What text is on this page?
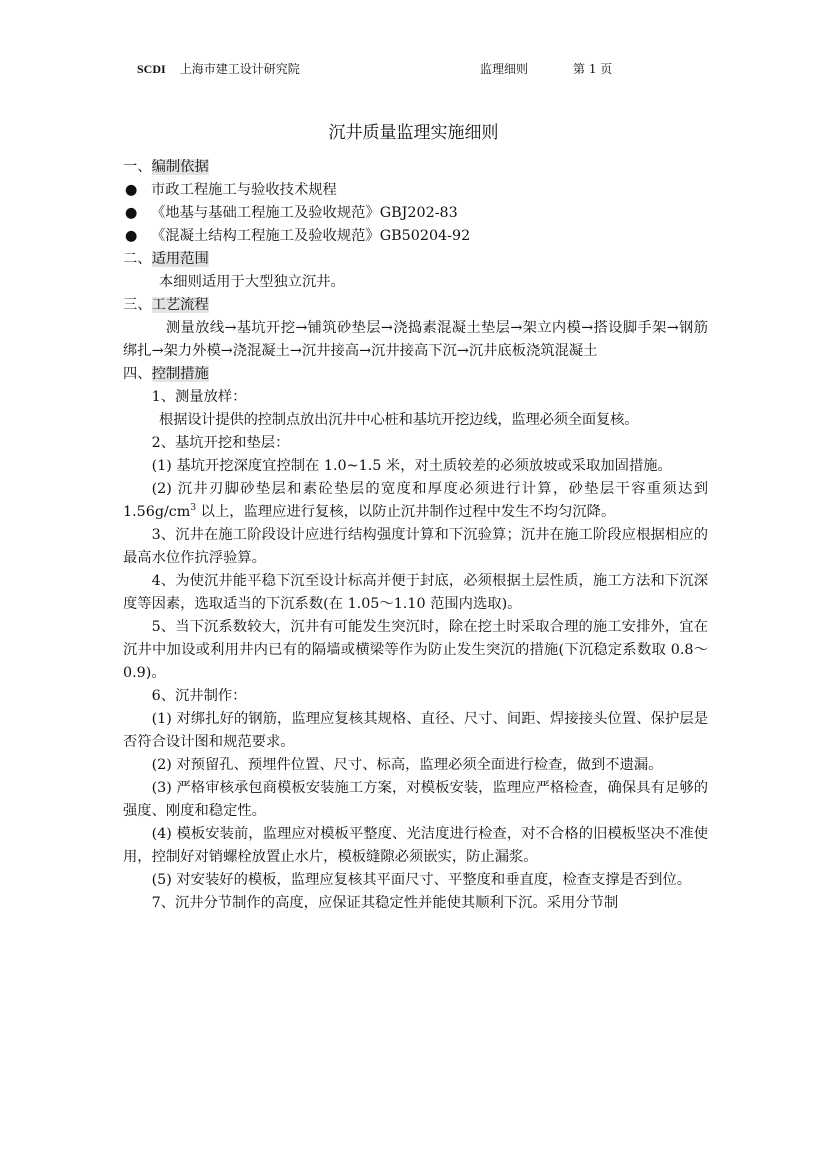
SCDI 上海市建工设计研究院	监理细则	第 1 页
沉井质量监理实施细则
一、编制依据
● 市政工程施工与验收技术规程
● 《地基与基础工程施工及验收规范》GBJ202-83
● 《混凝土结构工程施工及验收规范》GB50204-92
二、适用范围
本细则适用于大型独立沉井。
三、工艺流程
测量放线→基坑开挖→铺筑砂垫层→浇捣素混凝土垫层→架立内模→搭设脚手架→钢筋绑扎→架力外模→浇混凝土→沉井接高→沉井接高下沉→沉井底板浇筑混凝土
四、控制措施
1、测量放样：
根据设计提供的控制点放出沉井中心桩和基坑开挖边线，监理必须全面复核。
2、基坑开挖和垫层：
(1) 基坑开挖深度宜控制在 1.0~1.5 米，对土质较差的必须放坡或采取加固措施。
(2) 沉井刃脚砂垫层和素砼垫层的宽度和厚度必须进行计算，砂垫层干容重须达到 $1.56g/cm^3$ 以上，监理应进行复核，以防止沉井制作过程中发生不均匀沉降。
3、沉井在施工阶段设计应进行结构强度计算和下沉验算；沉井在施工阶段应根据相应的最高水位作抗浮验算。
4、为使沉井能平稳下沉至设计标高并便于封底，必须根据土层性质，施工方法和下沉深度等因素，选取适当的下沉系数(在 1.05～1.10 范围内选取)。
5、当下沉系数较大，沉井有可能发生突沉时，除在挖土时采取合理的施工安排外，宜在沉井中加设或利用井内已有的隔墙或横梁等作为防止发生突沉的措施(下沉稳定系数取 0.8～0.9)。
6、沉井制作：
(1) 对绑扎好的钢筋，监理应复核其规格、直径、尺寸、间距、焊接接头位置、保护层是否符合设计图和规范要求。
(2) 对预留孔、预埋件位置、尺寸、标高，监理必须全面进行检查，做到不遗漏。
(3) 严格审核承包商模板安装施工方案，对模板安装，监理应严格检查，确保具有足够的强度、刚度和稳定性。
(4) 模板安装前，监理应对模板平整度、光洁度进行检查，对不合格的旧模板坚决不准使用，控制好对销螺栓放置止水片，模板缝隙必须嵌实，防止漏浆。
(5) 对安装好的模板，监理应复核其平面尺寸、平整度和垂直度，检查支撑是否到位。
7、沉井分节制作的高度，应保证其稳定性并能使其顺利下沉。采用分节制
